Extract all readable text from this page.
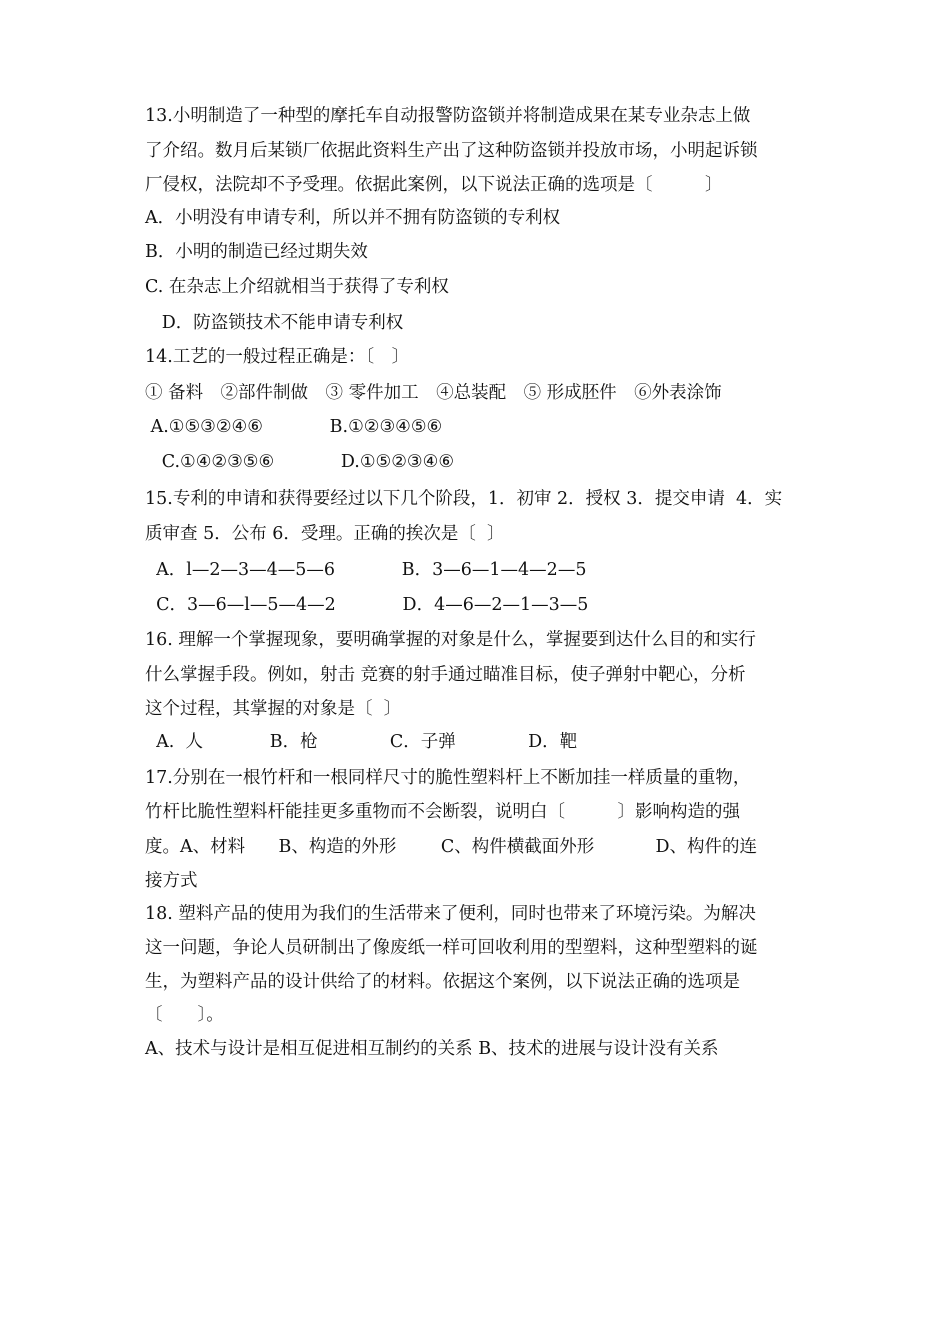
13.小明制造了一种型的摩托车自动报警防盗锁并将制造成果在某专业杂志上做
了介绍。数月后某锁厂依据此资料生产出了这种防盗锁并投放市场，小明起诉锁
厂侵权，法院却不予受理。依据此案例，以下说法正确的选项是〔　　　〕
A．小明没有申请专利，所以并不拥有防盗锁的专利权
B．小明的制造已经过期失效
C. 在杂志上介绍就相当于获得了专利权
D．防盗锁技术不能申请专利权
14.工艺的一般过程正确是：〔　〕
① 备料　②部件制做　③ 零件加工　④总装配　⑤ 形成胚件　⑥外表涂饰
A.①⑤③②④⑥            B.①②③④⑤⑥
C.①④②③⑤⑥            D.①⑤②③④⑥
15.专利的申请和获得要经过以下几个阶段，1．初审 2．授权 3．提交申请  4．实
质审查 5．公布 6．受理。正确的挨次是〔  〕
A．l—2—3—4—5—6            B．3—6—1—4—2—5
C．3—6—l—5—4—2            D．4—6—2—1—3—5
16. 理解一个掌握现象，要明确掌握的对象是什么，掌握要到达什么目的和实行
什么掌握手段。例如，射击 竞赛的射手通过瞄准目标，使子弹射中靶心，分析
这个过程，其掌握的对象是〔  〕
A.  人            B．枪             C．子弹             D．靶
17.分别在一根竹杆和一根同样尺寸的脆性塑料杆上不断加挂一样质量的重物，
竹杆比脆性塑料杆能挂更多重物而不会断裂，说明白〔　　　〕影响构造的强
度。A、材料      B、构造的外形        C、构件横截面外形           D、构件的连
接方式
18. 塑料产品的使用为我们的生活带来了便利，同时也带来了环境污染。为解决
这一问题，争论人员研制出了像废纸一样可回收利用的型塑料，这种型塑料的诞
生，为塑料产品的设计供给了的材料。依据这个案例，以下说法正确的选项是
〔　　〕。
A、技术与设计是相互促进相互制约的关系 B、技术的进展与设计没有关系
